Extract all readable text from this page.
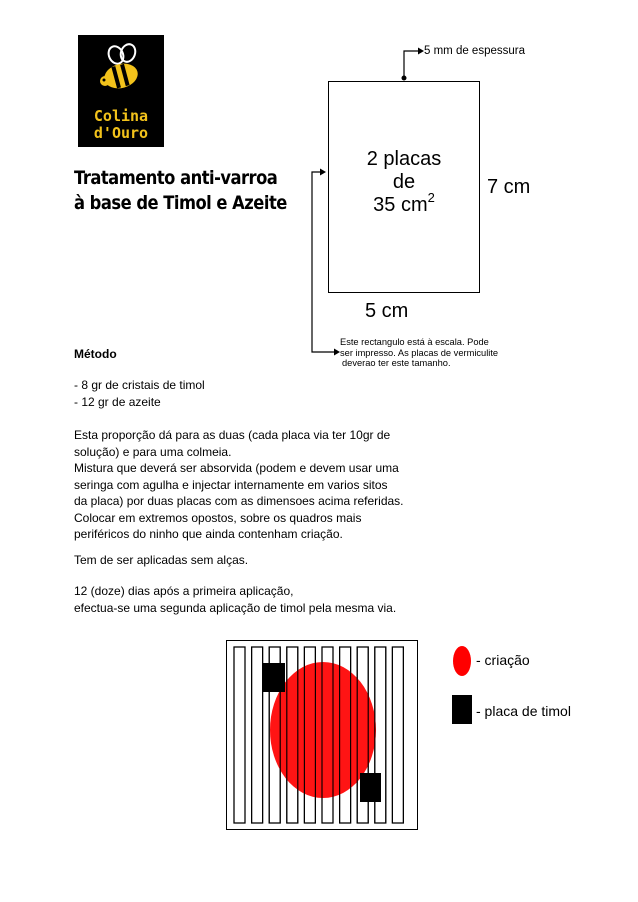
Colina
d'Ouro
Tratamento anti-varroa
à base de Timol e Azeite
5 mm de espessura
2 placas
de
35 $cm^2$	7 cm
5 cm
Este rectangulo está à escala. Pode
ser impresso. As placas de vermiculite
deverao ter este tamanho.
Método
- 8 gr de cristais de timol
- 12 gr de azeite
Esta proporção dá para as duas (cada placa via ter 10gr de
solução) e para uma colmeia.
Mistura que deverá ser absorvida (podem e devem usar uma
seringa com agulha e injectar internamente em varios sitos
da placa) por duas placas com as dimensoes acima referidas.
Colocar em extremos opostos, sobre os quadros mais
periféricos do ninho que ainda contenham criação.
Tem de ser aplicadas sem alças.
12 (doze) dias após a primeira aplicação,
efectua-se uma segunda aplicação de timol pela mesma via.
- criação
- placa de timol
